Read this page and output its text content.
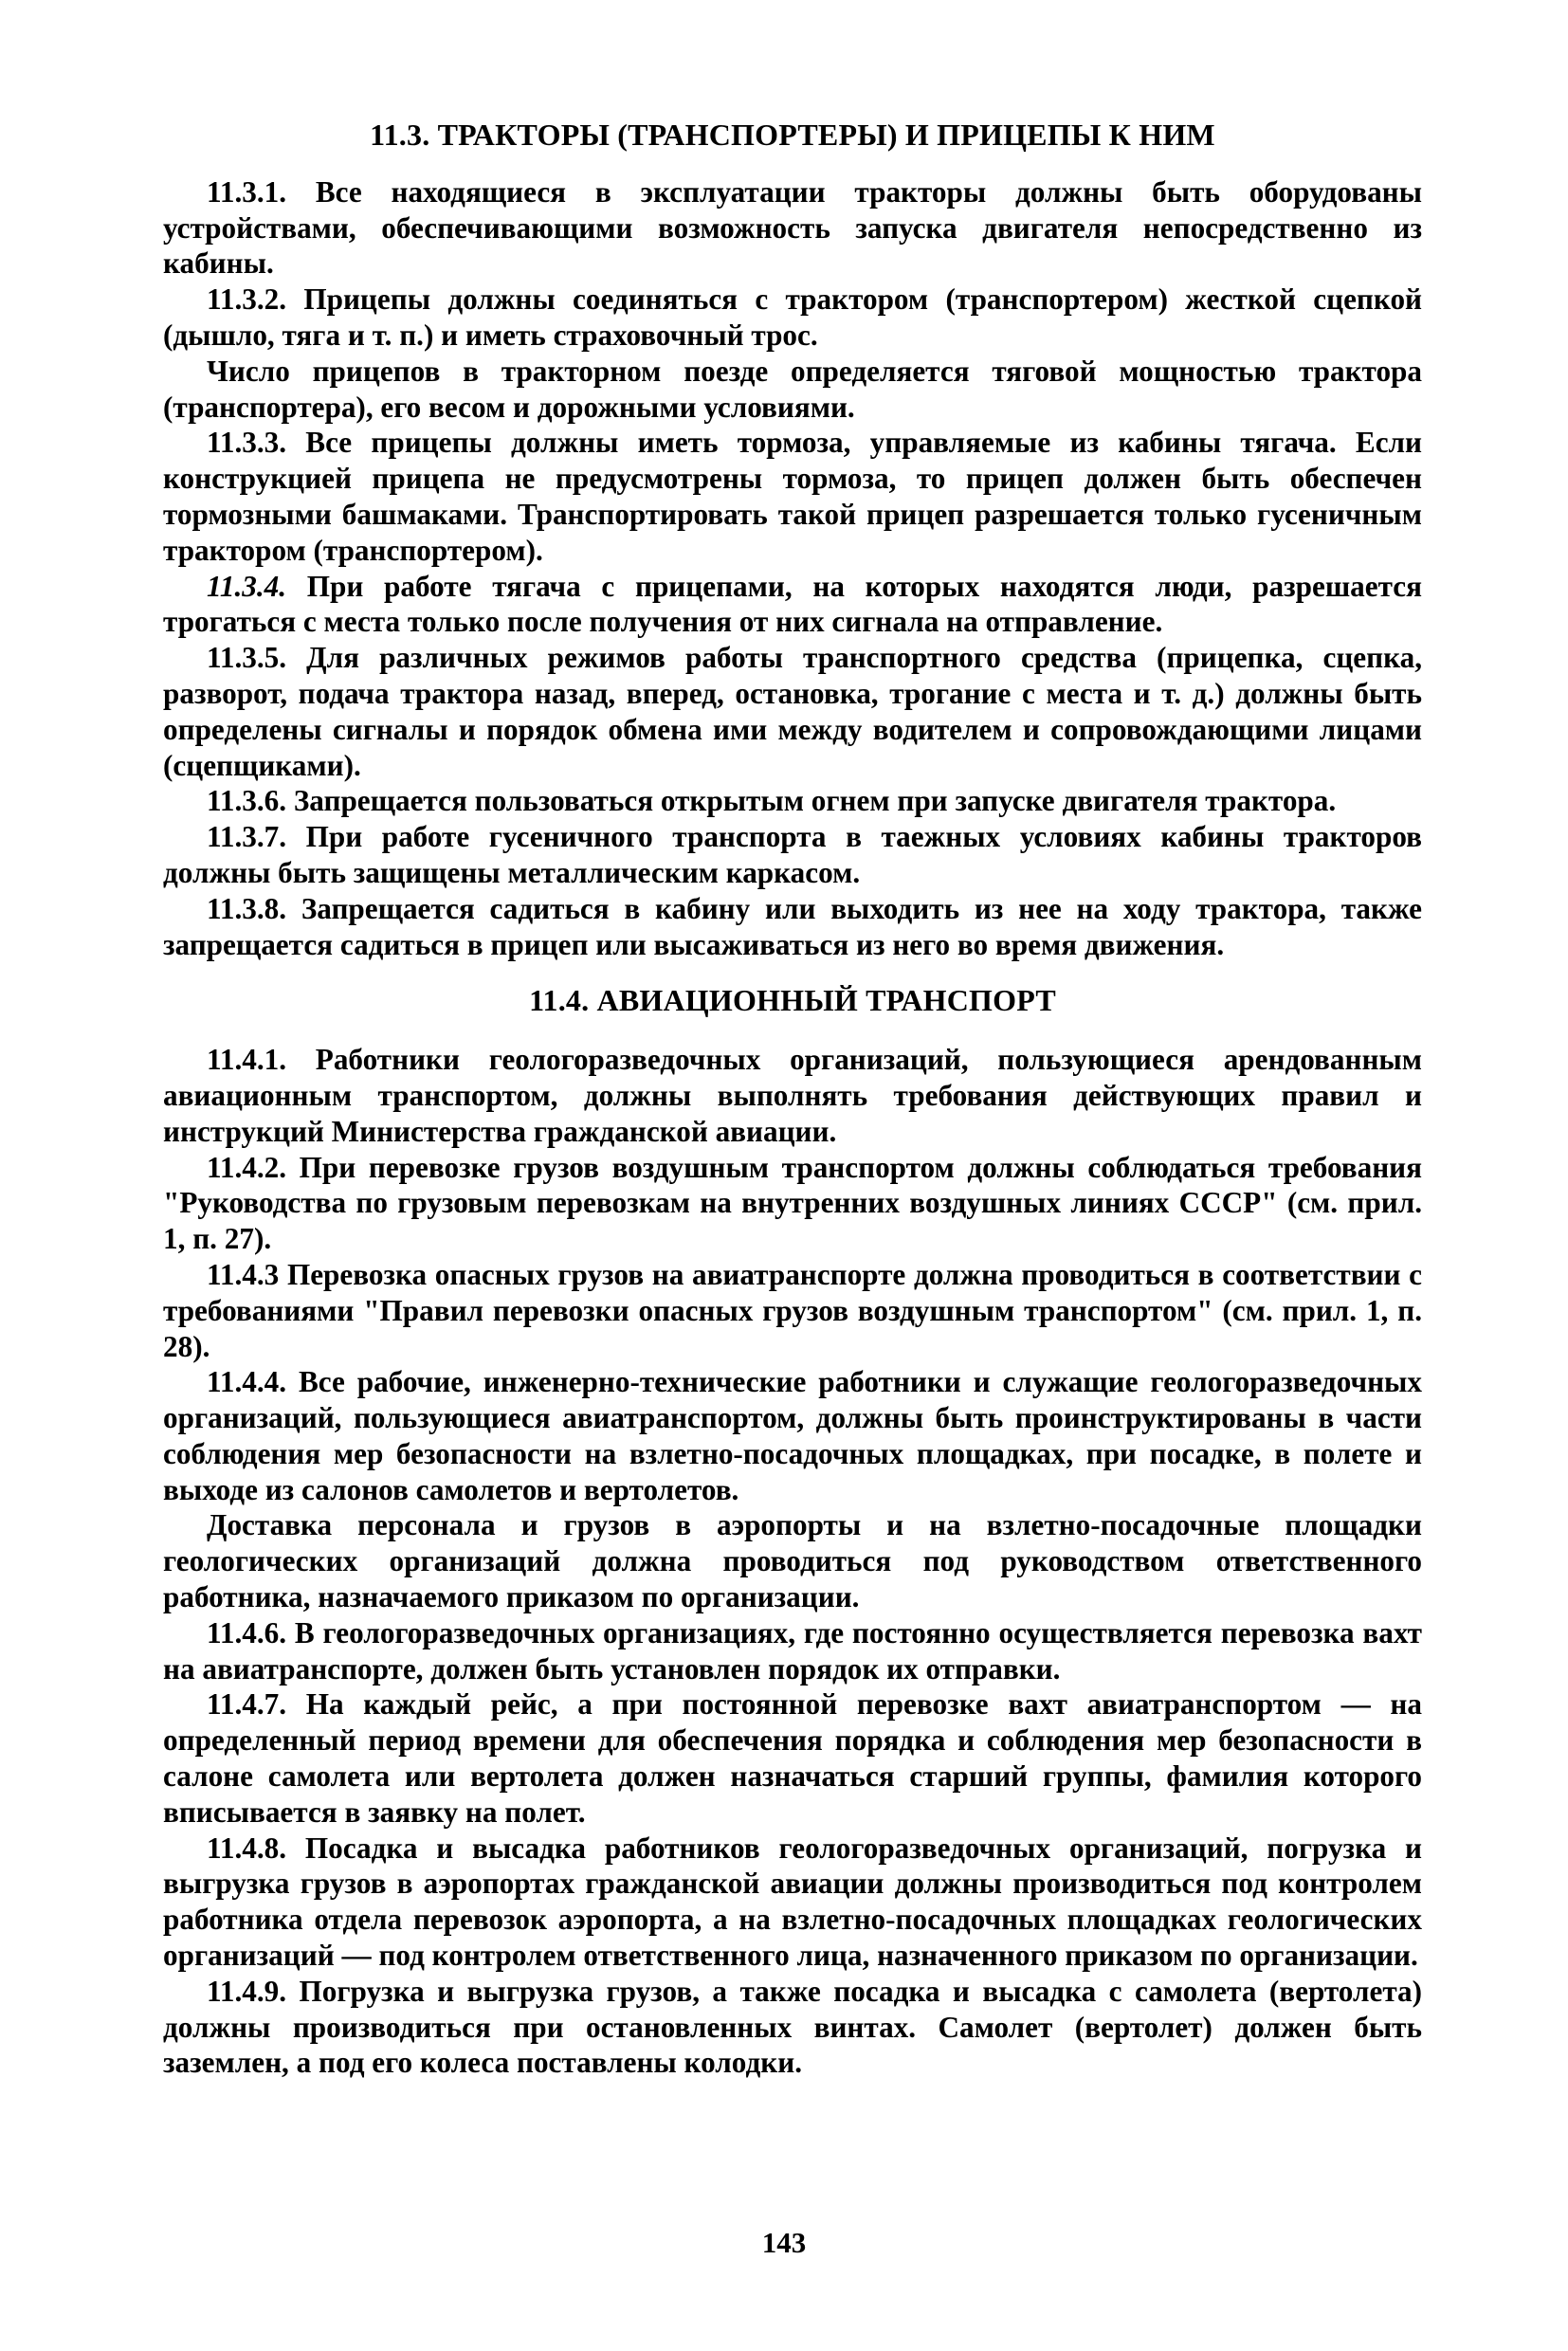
11.3. ТРАКТОРЫ (ТРАНСПОРТЕРЫ) И ПРИЦЕПЫ К НИМ

11.3.1. Все находящиеся в эксплуатации тракторы должны быть оборудованы устройствами, обеспечивающими возможность запуска двигателя непосредственно из кабины.

11.3.2. Прицепы должны соединяться с трактором (транспортером) жесткой сцепкой (дышло, тяга и т. п.) и иметь страховочный трос.

Число прицепов в тракторном поезде определяется тяговой мощностью трактора (транспортера), его весом и дорожными условиями.

11.3.3. Все прицепы должны иметь тормоза, управляемые из кабины тягача. Если конструкцией прицепа не предусмотрены тормоза, то прицеп должен быть обеспечен тормозными башмаками. Транспортировать такой прицеп разрешается только гусеничным трактором (транспортером).

11.3.4. При работе тягача с прицепами, на которых находятся люди, разрешается трогаться с места только после получения от них сигнала на отправление.

11.3.5. Для различных режимов работы транспортного средства (прицепка, сцепка, разворот, подача трактора назад, вперед, остановка, трогание с места и т. д.) должны быть определены сигналы и порядок обмена ими между водителем и сопровождающими лицами (сцепщиками).

11.3.6. Запрещается пользоваться открытым огнем при запуске двигателя трактора.

11.3.7. При работе гусеничного транспорта в таежных условиях кабины тракторов должны быть защищены металлическим каркасом.

11.3.8. Запрещается садиться в кабину или выходить из нее на ходу трактора, также запрещается садиться в прицеп или высаживаться из него во время движения.

11.4. АВИАЦИОННЫЙ ТРАНСПОРТ

11.4.1. Работники геологоразведочных организаций, пользующиеся арендованным авиационным транспортом, должны выполнять требования действующих правил и инструкций Министерства гражданской авиации.

11.4.2. При перевозке грузов воздушным транспортом должны соблюдаться требования "Руководства по грузовым перевозкам на внутренних воздушных линиях СССР" (см. прил. 1, п. 27).

11.4.3 Перевозка опасных грузов на авиатранспорте должна проводиться в соответствии с требованиями "Правил перевозки опасных грузов воздушным транспортом" (см. прил. 1, п. 28).

11.4.4. Все рабочие, инженерно-технические работники и служащие геологоразведочных организаций, пользующиеся авиатранспортом, должны быть проинструктированы в части соблюдения мер безопасности на взлетно-посадочных площадках, при посадке, в полете и выходе из салонов самолетов и вертолетов.

Доставка персонала и грузов в аэропорты и на взлетно-посадочные площадки геологических организаций должна проводиться под руководством ответственного работника, назначаемого приказом по организации.

11.4.6. В геологоразведочных организациях, где постоянно осуществляется перевозка вахт на авиатранспорте, должен быть установлен порядок их отправки.

11.4.7. На каждый рейс, а при постоянной перевозке вахт авиатранспортом — на определенный период времени для обеспечения порядка и соблюдения мер безопасности в салоне самолета или вертолета должен назначаться старший группы, фамилия которого вписывается в заявку на полет.

11.4.8. Посадка и высадка работников геологоразведочных организаций, погрузка и выгрузка грузов в аэропортах гражданской авиации должны производиться под контролем работника отдела перевозок аэропорта, а на взлетно-посадочных площадках геологических организаций — под контролем ответственного лица, назначенного приказом по организации.

11.4.9. Погрузка и выгрузка грузов, а также посадка и высадка с самолета (вертолета) должны производиться при остановленных винтах. Самолет (вертолет) должен быть заземлен, а под его колеса поставлены колодки.

143
